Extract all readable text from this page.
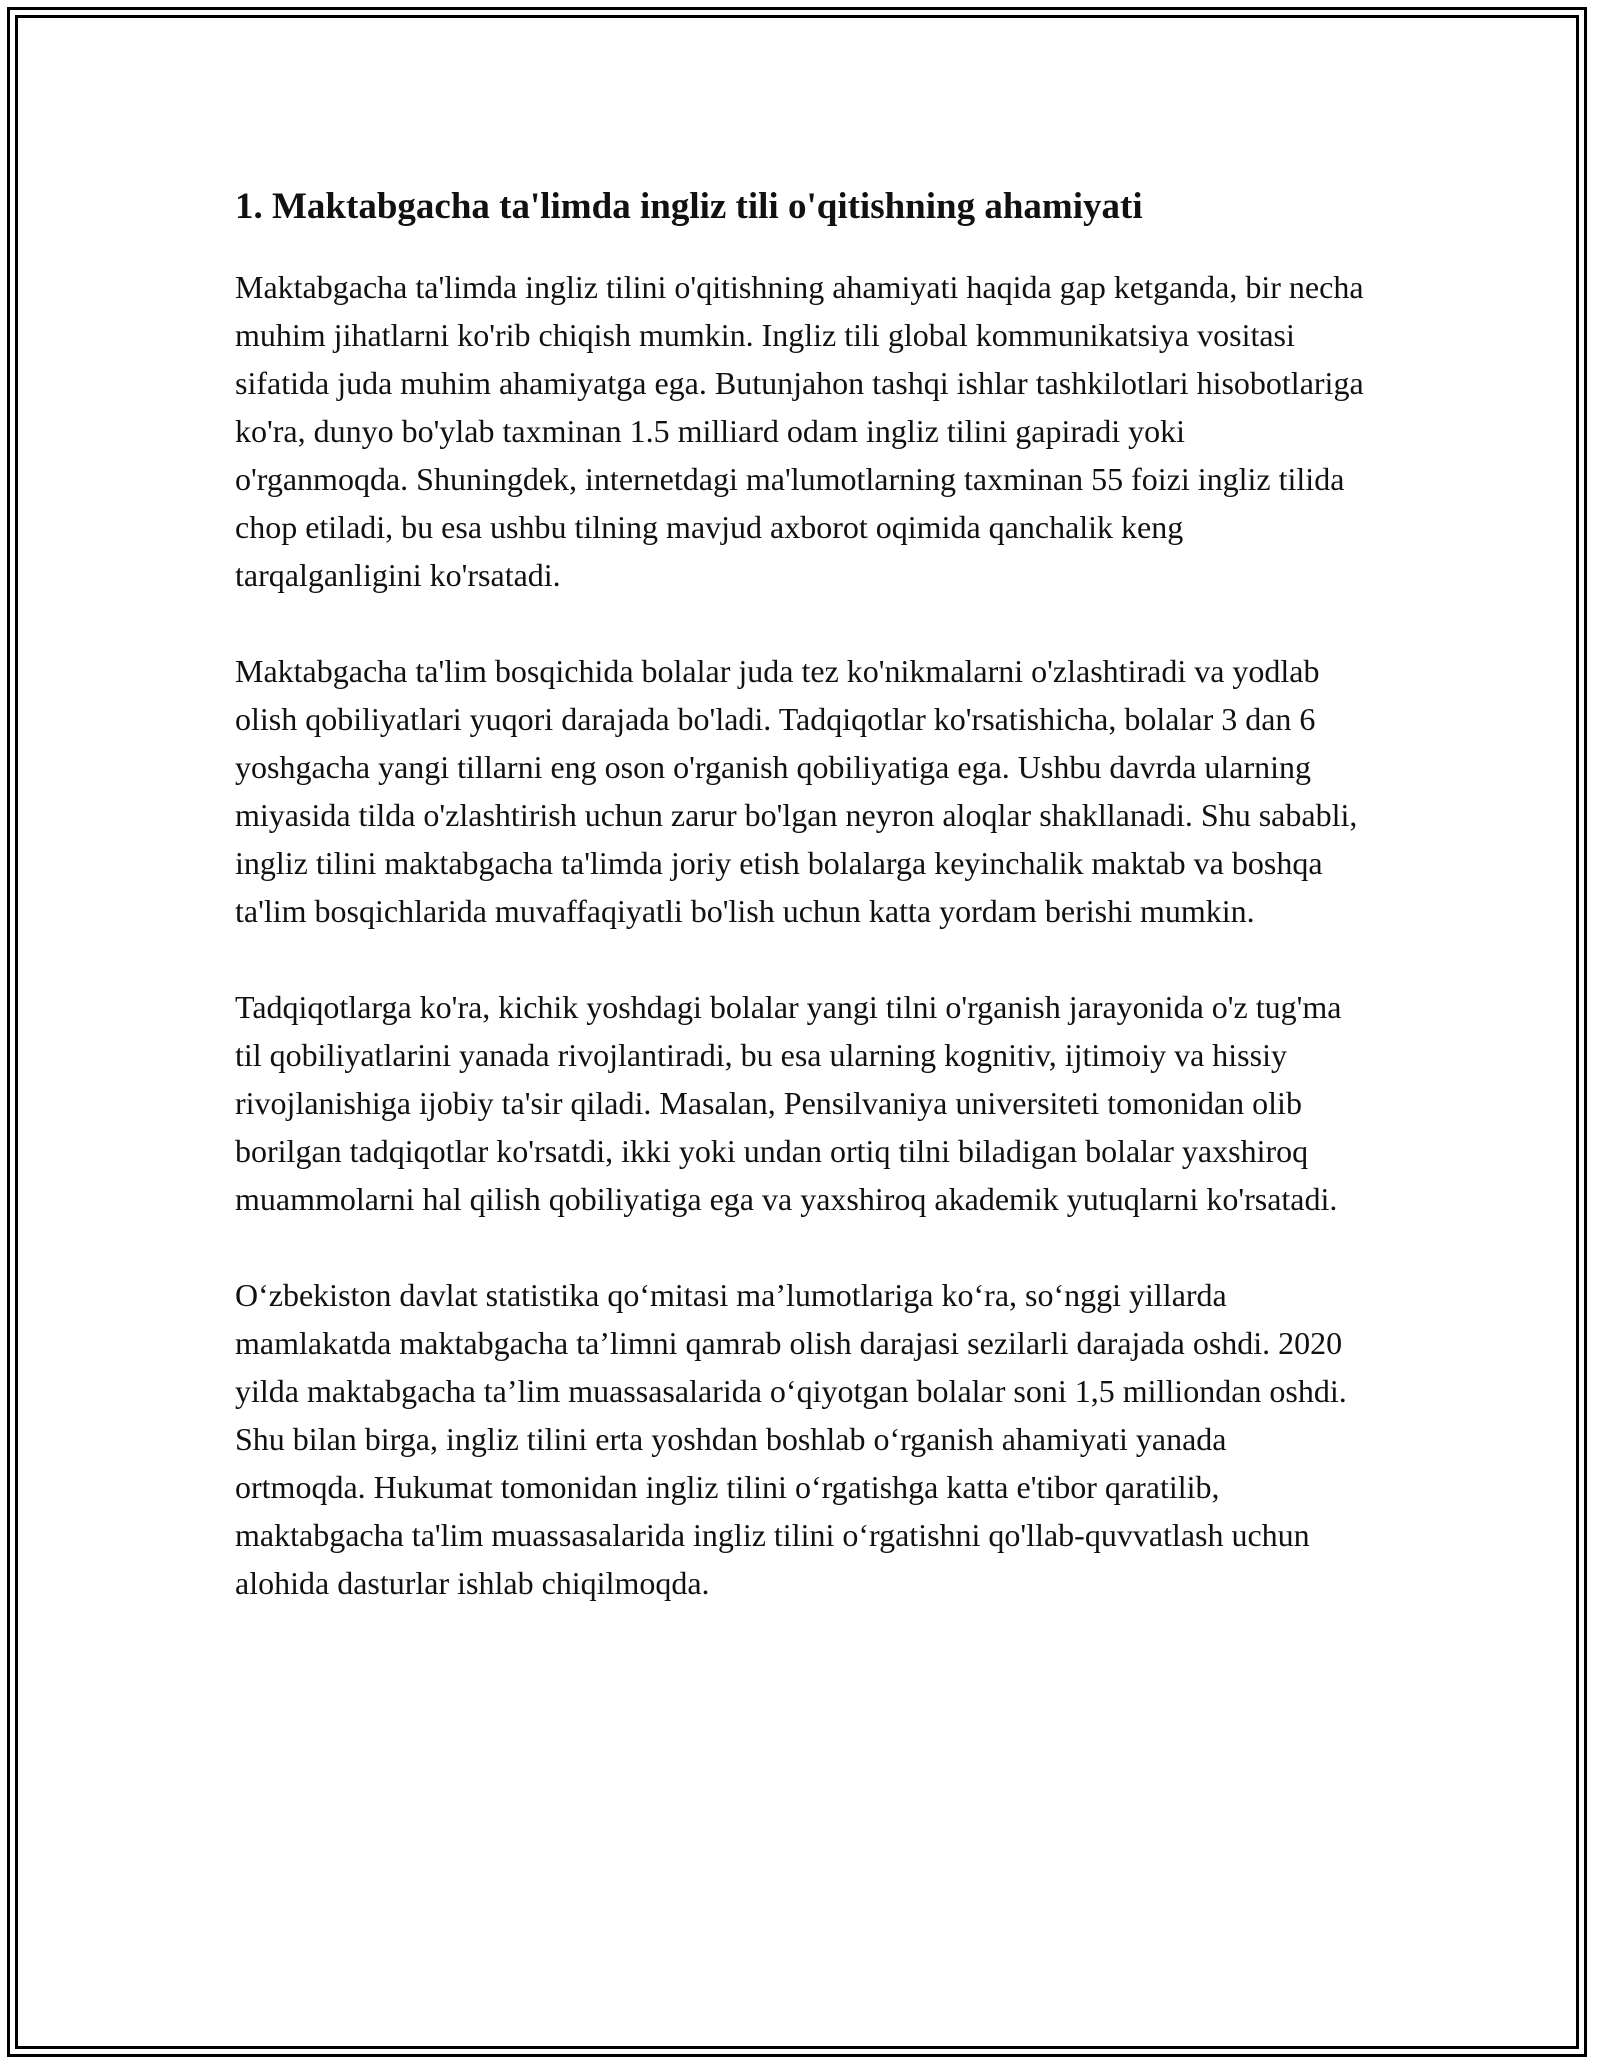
1. Maktabgacha ta'limda ingliz tili o'qitishning ahamiyati

Maktabgacha ta'limda ingliz tilini o'qitishning ahamiyati haqida gap ketganda, bir necha muhim jihatlarni ko'rib chiqish mumkin. Ingliz tili global kommunikatsiya vositasi sifatida juda muhim ahamiyatga ega. Butunjahon tashqi ishlar tashkilotlari hisobotlariga ko'ra, dunyo bo'ylab taxminan 1.5 milliard odam ingliz tilini gapiradi yoki o'rganmoqda. Shuningdek, internetdagi ma'lumotlarning taxminan 55 foizi ingliz tilida chop etiladi, bu esa ushbu tilning mavjud axborot oqimida qanchalik keng tarqalganligini ko'rsatadi.

Maktabgacha ta'lim bosqichida bolalar juda tez ko'nikmalarni o'zlashtiradi va yodlab olish qobiliyatlari yuqori darajada bo'ladi. Tadqiqotlar ko'rsatishicha, bolalar 3 dan 6 yoshgacha yangi tillarni eng oson o'rganish qobiliyatiga ega. Ushbu davrda ularning miyasida tilda o'zlashtirish uchun zarur bo'lgan neyron aloqlar shakllanadi. Shu sababli, ingliz tilini maktabgacha ta'limda joriy etish bolalarga keyinchalik maktab va boshqa ta'lim bosqichlarida muvaffaqiyatli bo'lish uchun katta yordam berishi mumkin.

Tadqiqotlarga ko'ra, kichik yoshdagi bolalar yangi tilni o'rganish jarayonida o'z tug'ma til qobiliyatlarini yanada rivojlantiradi, bu esa ularning kognitiv, ijtimoiy va hissiy rivojlanishiga ijobiy ta'sir qiladi. Masalan, Pensilvaniya universiteti tomonidan olib borilgan tadqiqotlar ko'rsatdi, ikki yoki undan ortiq tilni biladigan bolalar yaxshiroq muammolarni hal qilish qobiliyatiga ega va yaxshiroq akademik yutuqlarni ko'rsatadi.

O‘zbekiston davlat statistika qo‘mitasi ma’lumotlariga ko‘ra, so‘nggi yillarda mamlakatda maktabgacha ta’limni qamrab olish darajasi sezilarli darajada oshdi. 2020 yilda maktabgacha ta’lim muassasalarida o‘qiyotgan bolalar soni 1,5 milliondan oshdi. Shu bilan birga, ingliz tilini erta yoshdan boshlab o‘rganish ahamiyati yanada ortmoqda. Hukumat tomonidan ingliz tilini o‘rgatishga katta e'tibor qaratilib, maktabgacha ta'lim muassasalarida ingliz tilini o‘rgatishni qo'llab-quvvatlash uchun alohida dasturlar ishlab chiqilmoqda.
